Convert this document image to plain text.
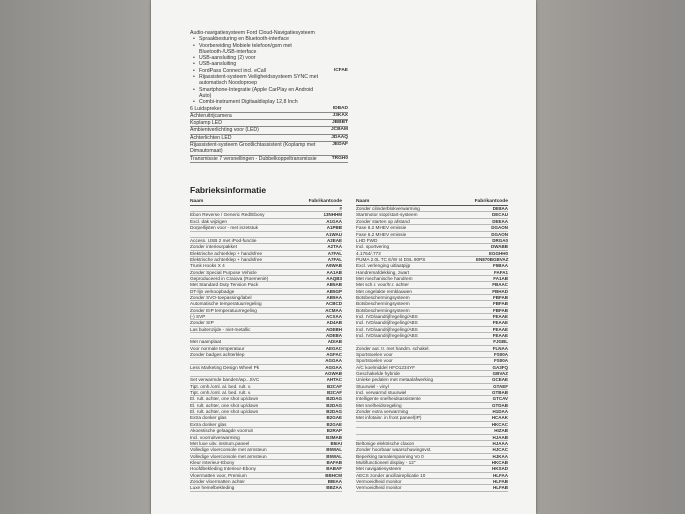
Audio-navigatiesysteem Ford Cloud-Navigatiesysteem
• Spraakbesturing en Bluetooth-interface
• Voorbereiding Mobiele telefoon/gsm met Bluetooth-/USB-interface
• USB-aansluiting (2) voor
• USB-aansluiting
• FordPass Connect incl. eCall	ICFAE
• Rijassistent-systeem Veiligheidssysteem SYNC met automatisch Noodoproep
• Smartphone-Integratie (Apple CarPlay en Android Auto)
• Combi-instrument Digitaaldisplay 12,8 Inch
6 Luidspreker	IDBAD
Achteruitrijcamera	J3KAX
Koplamp LED	JBBBT
Ambientverlichting voor (LED)	JCBAM
Achterlichten LED	JDAAQ
Rijassistent-systeem Grootlichtassistent (Koplamp met Dimautomaat)
JEDAF
Transmissie 7 versnellingen - Dubbelkoppeltransmissie	TRGH0
Fabrieksinformatie
Naam	Fabrikantcode
#
Ebon Reverse / Generic Red/Ebony	13NHHM
Excl. dak wijzigen	A1GAA
Dorpellijsten voor - met inzetstuk	A1PBB
A1WAU
Access. USB 2 met iPod-functie	A2EAE
Zonder interieurpakket	A2TAA
Elektrische achterklep + handsfree	A7FAL
Elektrische achterklep + handsfree	A7FAL
Trunk Hooks X 4	A9WAB
Zonder Special Purpose Vehicle	AA1AB
Geproduceerd in Craiova (Roemenië)	AAQB3
Met Standard Duty Tension Pack	AB5AB
DT-lijn verkoopbadge	AB5GP
Zonder SVO-toepassing/label	AB9AA
Automatische temperatuurregeling	ACBCD
Zonder EIP temperatuurregeling	ACMAA
(-) SVP	ACXAA
Zonder SIP	AD4AB
Las buitenzijde - niet-metallic	ADEBH
ADEBA
Met naamplaat	ADIAB
Voor normale temperatuur	AEGAC
Zonder badges achterklep	AGFAC
AGGAA
Less Marketing Design Wheel Pk	AGGAA
AGWAB
Set verwarmde banden/wp...SVC	AHTAC
Tipt. omh./oml. al. bed. rult. v.	B2CAF
Tipt. omh./oml. al. bed. rult. v.	B2CAF
El. rult. achter, one shot up/down	B2DAG
El. rult. achter, one shot up/down	B2DAG
El. rult. achter, one shot up/down	B2DAG
Extra donker glas	B2GAE
Extra donker glas	B2GAE
Akoestische gelaagde voorruit	B2RAP
Incl. voorruitverwarming	B3MAB
Met luxe uitv. instrum.paneel	B5IAI
Volledige vloerconsole met armsteun	B5WAL
Volledige vloerconsole met armsteun	B5WAL
Kleur Interieur-Ebony	BAFAB
Hoofdbekleding Interieur-Ebony	BABAF
Vloermatten voor, Premium	BBHCM
Zonder vloermatten achter	BBIAA
Luxe hemelbekleding	BBZAA
Naam	Fabrikantcode
Zonder cilinderblokverwarming	DE8AA
Startmotor stop/start-systeem	DECAU
Zonder starten op afstand	DEEAA
Fase 6.2 MHEV emissie	DGAON
Fase 6.2 MHEV emissie	DGAON
LHD FWD	DRGA0
Incl. sportvering	DWABB
4.1764/.773	EGGHH0
PUMA 2.0L TC E/W I4 DSL 90PS	EN870BGBVAZ
Excl. verlenging uitlaatpijp	F5BAA
Handremafdekking, zwart	FAFA1
Met mechanische handrem	FA1AB
Met sch.r. voor/tr.r. achter	FBAAC
Met ongelakte remklauwen	FBHAD
Botsbeschermingsysteem	FBFAB
Botsbeschermingsysteem	FBFAB
Botsbeschermingsysteem	FBFAB
Incl. IVD/aandrijfregeling/ABS	FEAAE
Incl. IVD/aandrijfregeling/ABS	FEAAE
Incl. IVD/aandrijfregeling/ABS	FEAAE
Incl. IVD/aandrijfregeling/ABS	FEAAE
FJGBL
Zonder aut. tr. met handm. schakel.	FLNAA
Sportstoelen voor	FS00A
Sportstoelen voor	FS00A
A/C koelmiddel HFO1234YF	GA3FQ
Geschakelde hybride	GBVAZ
Unieke pedalen met metaalafwerking	GCEAE
Stuurwiel - vinyl	GTAEF
Incl. verwarmd stuurwiel	GTBAB
Intelligente snelheidsassistente	GTCAV
Met snelheidsregeling	GTDAB
Zonder extra verwarming	H1DAA
Met infotainr. in front paneel(IP)	HCAAK
HKCAC
HIZAB
HJAAB
Beltonige elektrische claxon	HJAAA
Zonder hoorbaar waarschuwingsvst.	HJCAC
Beperking tamalerspanning Vo 0	HJKAA
Multifunctioneel display - 12"	HKCAB
Met navigatiesysteem	HKSAD
AECS zonder ancillaireplicatie 10	HLFAA
Vermoeidheid monitor	HLFAB
Vermoeidheid monitor	HLFAB
